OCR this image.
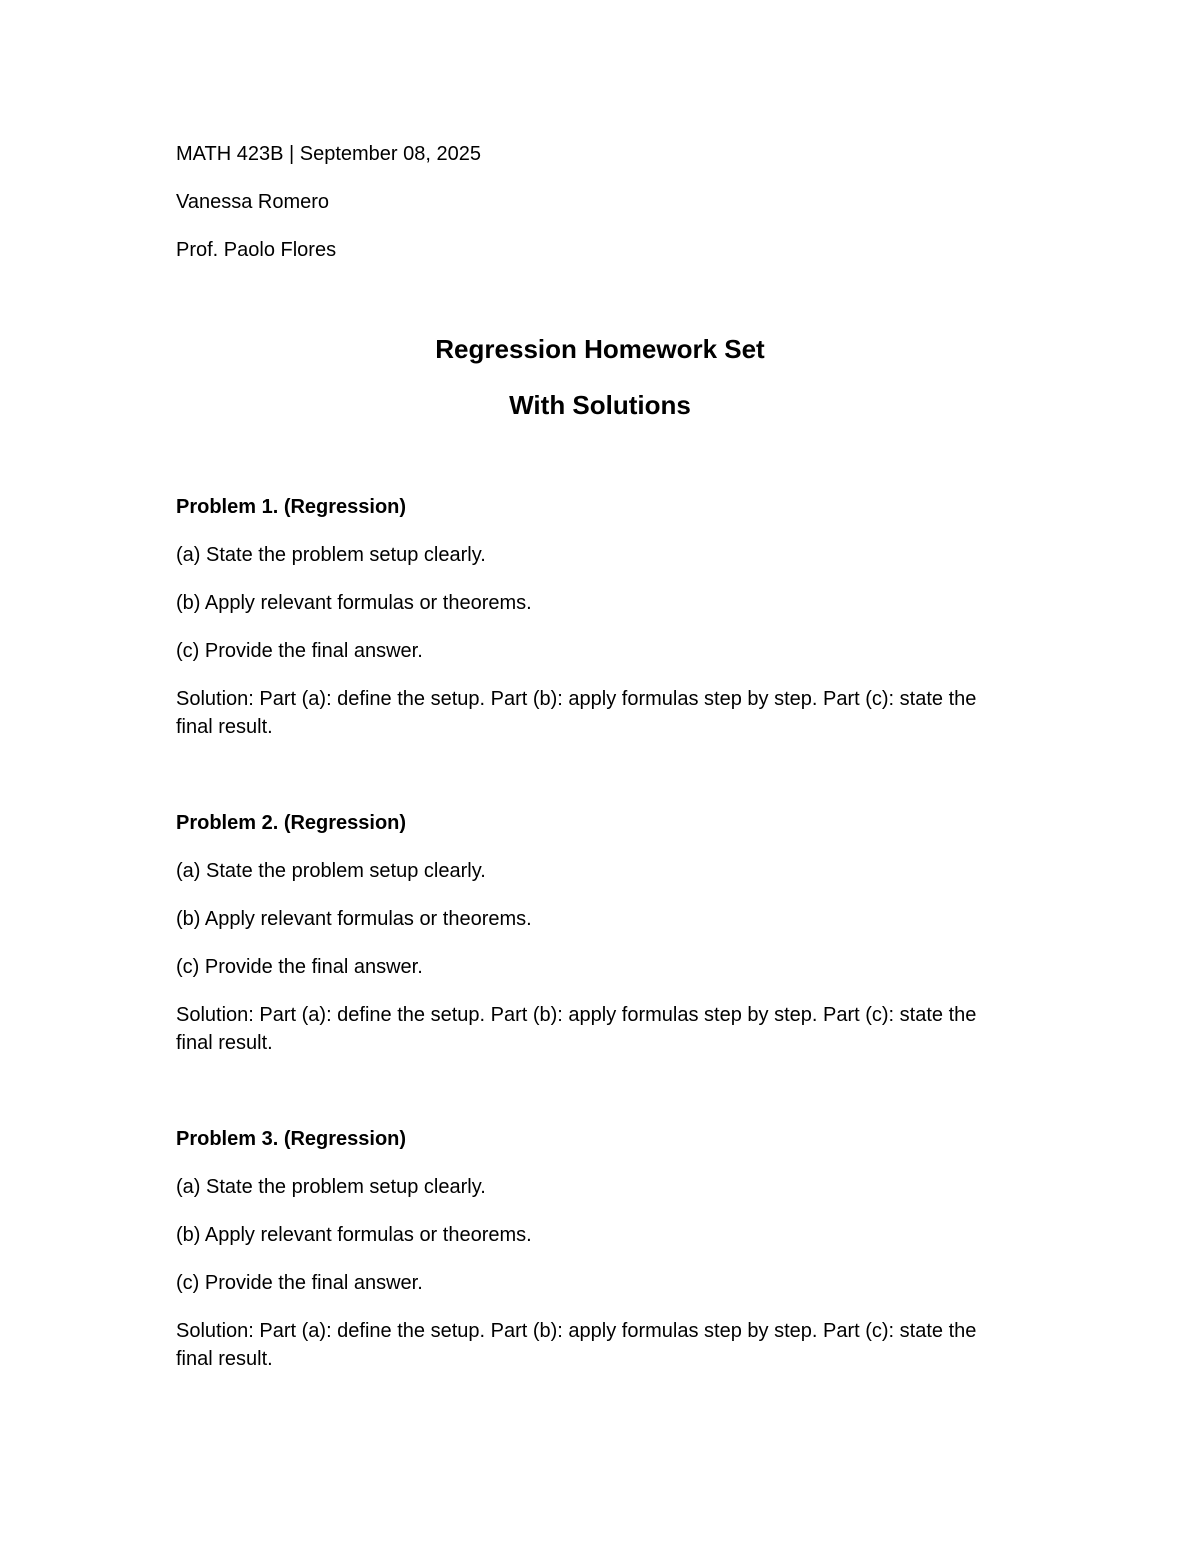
MATH 423B | September 08, 2025
Vanessa Romero
Prof. Paolo Flores
Regression Homework Set
With Solutions
Problem 1. (Regression)
(a) State the problem setup clearly.
(b) Apply relevant formulas or theorems.
(c) Provide the final answer.
Solution: Part (a): define the setup. Part (b): apply formulas step by step. Part (c): state the final result.
Problem 2. (Regression)
(a) State the problem setup clearly.
(b) Apply relevant formulas or theorems.
(c) Provide the final answer.
Solution: Part (a): define the setup. Part (b): apply formulas step by step. Part (c): state the final result.
Problem 3. (Regression)
(a) State the problem setup clearly.
(b) Apply relevant formulas or theorems.
(c) Provide the final answer.
Solution: Part (a): define the setup. Part (b): apply formulas step by step. Part (c): state the final result.
